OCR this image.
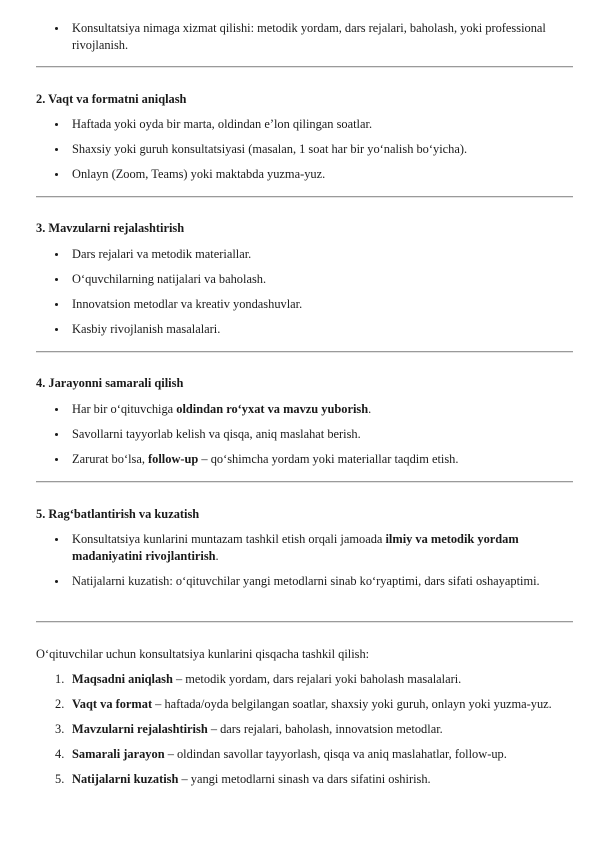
Konsultatsiya nimaga xizmat qilishi: metodik yordam, dars rejalari, baholash, yoki professional rivojlanish.
2. Vaqt va formatni aniqlash
Haftada yoki oyda bir marta, oldindan e’lon qilingan soatlar.
Shaxsiy yoki guruh konsultatsiyasi (masalan, 1 soat har bir yo‘nalish bo‘yicha).
Onlayn (Zoom, Teams) yoki maktabda yuzma-yuz.
3. Mavzularni rejalashtirish
Dars rejalari va metodik materiallar.
O‘quvchilarning natijalari va baholash.
Innovatsion metodlar va kreativ yondashuvlar.
Kasbiy rivojlanish masalalari.
4. Jarayonni samarali qilish
Har bir o‘qituvchiga oldindan ro‘yxat va mavzu yuborish.
Savollarni tayyorlab kelish va qisqa, aniq maslahat berish.
Zarurat bo‘lsa, follow-up – qo‘shimcha yordam yoki materiallar taqdim etish.
5. Rag‘batlantirish va kuzatish
Konsultatsiya kunlarini muntazam tashkil etish orqali jamoada ilmiy va metodik yordam madaniyatini rivojlantirish.
Natijalarni kuzatish: o‘qituvchilar yangi metodlarni sinab ko‘ryaptimi, dars sifati oshayaptimi.
O‘qituvchilar uchun konsultatsiya kunlarini qisqacha tashkil qilish:
1. Maqsadni aniqlash – metodik yordam, dars rejalari yoki baholash masalalari.
2. Vaqt va format – haftada/oyda belgilangan soatlar, shaxsiy yoki guruh, onlayn yoki yuzma-yuz.
3. Mavzularni rejalashtirish – dars rejalari, baholash, innovatsion metodlar.
4. Samarali jarayon – oldindan savollar tayyorlash, qisqa va aniq maslahatlar, follow-up.
5. Natijalarni kuzatish – yangi metodlarni sinash va dars sifatini oshirish.
